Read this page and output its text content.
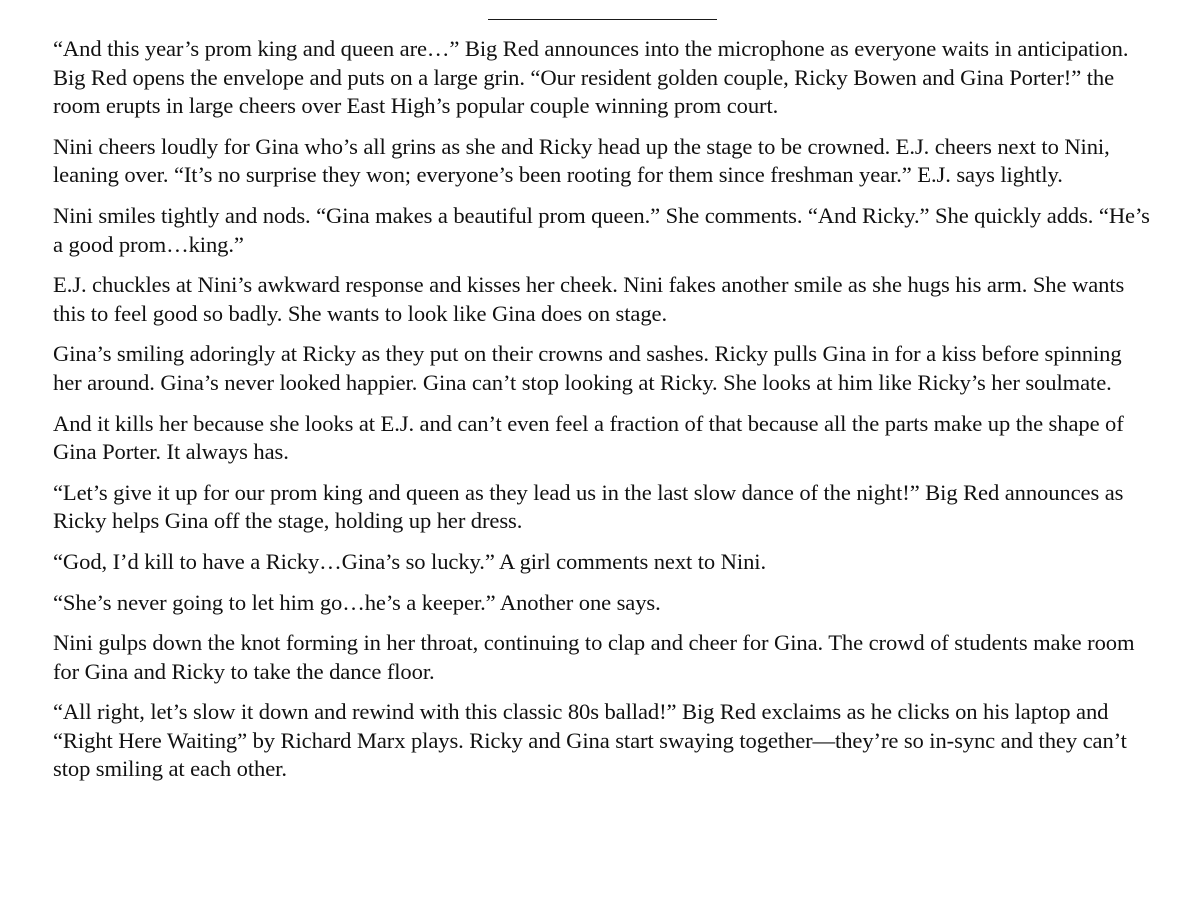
“And this year’s prom king and queen are…” Big Red announces into the microphone as everyone waits in anticipation. Big Red opens the envelope and puts on a large grin. “Our resident golden couple, Ricky Bowen and Gina Porter!” the room erupts in large cheers over East High’s popular couple winning prom court.

Nini cheers loudly for Gina who’s all grins as she and Ricky head up the stage to be crowned. E.J. cheers next to Nini, leaning over. “It’s no surprise they won; everyone’s been rooting for them since freshman year.” E.J. says lightly.

Nini smiles tightly and nods. “Gina makes a beautiful prom queen.” She comments. “And Ricky.” She quickly adds. “He’s a good prom…king.”

E.J. chuckles at Nini’s awkward response and kisses her cheek. Nini fakes another smile as she hugs his arm. She wants this to feel good so badly. She wants to look like Gina does on stage.

Gina’s smiling adoringly at Ricky as they put on their crowns and sashes. Ricky pulls Gina in for a kiss before spinning her around. Gina’s never looked happier. Gina can’t stop looking at Ricky. She looks at him like Ricky’s her soulmate.

And it kills her because she looks at E.J. and can’t even feel a fraction of that because all the parts make up the shape of Gina Porter. It always has.

“Let’s give it up for our prom king and queen as they lead us in the last slow dance of the night!” Big Red announces as Ricky helps Gina off the stage, holding up her dress.

“God, I’d kill to have a Ricky…Gina’s so lucky.” A girl comments next to Nini.

“She’s never going to let him go…he’s a keeper.” Another one says.

Nini gulps down the knot forming in her throat, continuing to clap and cheer for Gina. The crowd of students make room for Gina and Ricky to take the dance floor.

“All right, let’s slow it down and rewind with this classic 80s ballad!” Big Red exclaims as he clicks on his laptop and “Right Here Waiting” by Richard Marx plays. Ricky and Gina start swaying together—they’re so in-sync and they can’t stop smiling at each other.
